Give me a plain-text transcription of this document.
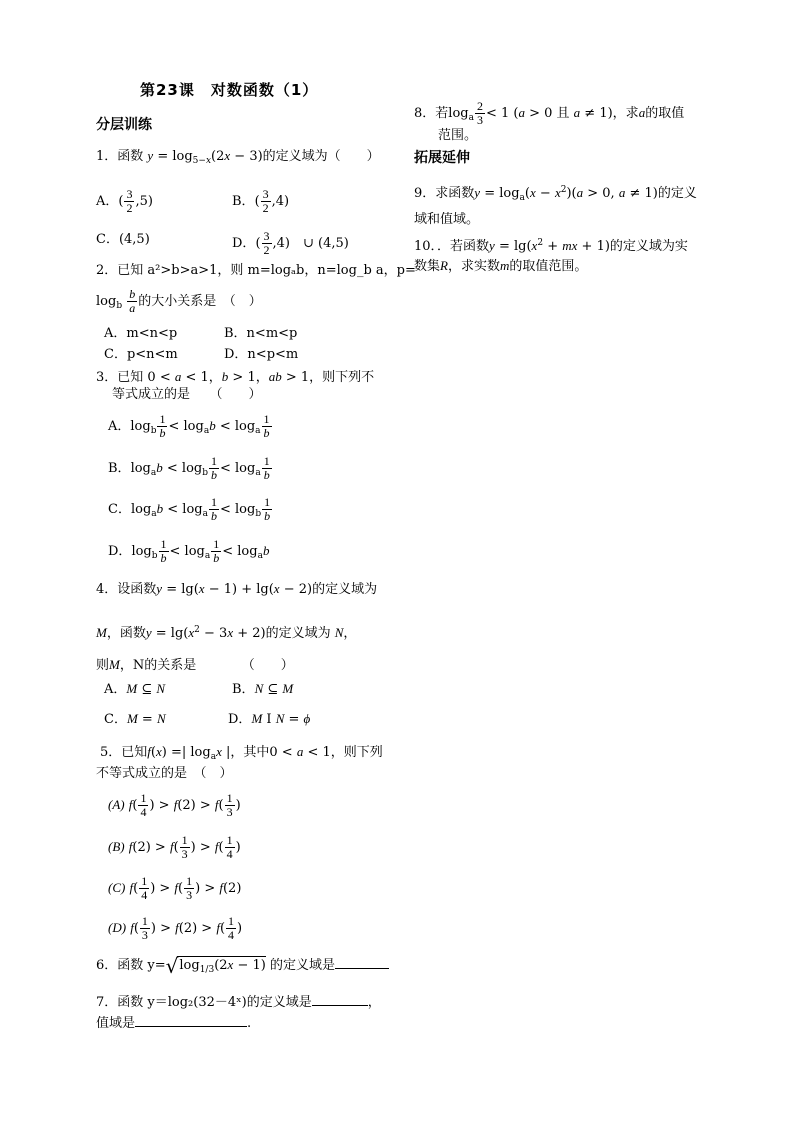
第23课　对数函数（1）
分层训练
1．函数 $y = \log_{5-x}(2x - 3)$的定义域为（　　）
A．( $\frac{3}{2} ,5$)	B．( $\frac{3}{2} ,4$)
C．(4,5)	D．( $\frac{3}{2} ,4$)　∪ (4,5)
2．已知 a²>b>a>1，则 m=logₐb，n=log_b a，p=
$\log_b \frac{b}{a}$ 的大小关系是　（　）
A．m<n<p	B．n<m<p
C．p<n<m	D．n<p<m
3．已知 0 < a < 1，b > 1，ab > 1，则下列不
等式成立的是　　（　　）
A．$\log_b \frac{1}{b} < \log_ab < \log_a \frac{1}{b}$
B．$\log_ab < \log_b \frac{1}{b} < \log_a \frac{1}{b}$
C．$\log_ab < \log_a \frac{1}{b} < \log_b \frac{1}{b}$
D．$\log_b \frac{1}{b} < \log_a \frac{1}{b} < \log_ab$
4．设函数y = lg(x − 1) + lg(x − 2)的定义域为
M，函数$y = \lg(x^2 - 3x + 2)$的定义域为 N，
则M，N的关系是　　　　（　　）
A．M ⊆ N	B．N ⊆ M
C．M = N	D．M I N = ϕ
5．已知f(x) =| $\log_ax$ |，其中0 < a < 1，则下列
不等式成立的是　（　）
(A) $f( \frac{1}{4}$ ) > $f(2) > f( \frac{1}{3}$ )
(B) $f(2) > f( \frac{1}{3}$ ) > $f( \frac{1}{4}$ )
(C) $f( \frac{1}{4}$ ) > $f( \frac{1}{3}$ ) > f(2)
(D) $f( \frac{1}{3}$ ) > $f(2) > f( \frac{1}{4}$ )
6．函数 $y=√\log_{1/3}(2x - 1)$ 的定义域是
7．函数 y＝log₂(32－4ˣ)的定义域是	，
值域是	.
8．若$\log_a \frac{2}{3} < 1$ (a > 0 且 a ≠ 1)，求a的取值
范围。
拓展延伸
9．求函数$y = \log_a(x - x^2)(a > 0$, a ≠ 1)的定义
域和值域。
10．．若函数$y = \lg(x^2$ + mx + 1)的定义域为实
数集R，求实数m的取值范围。
